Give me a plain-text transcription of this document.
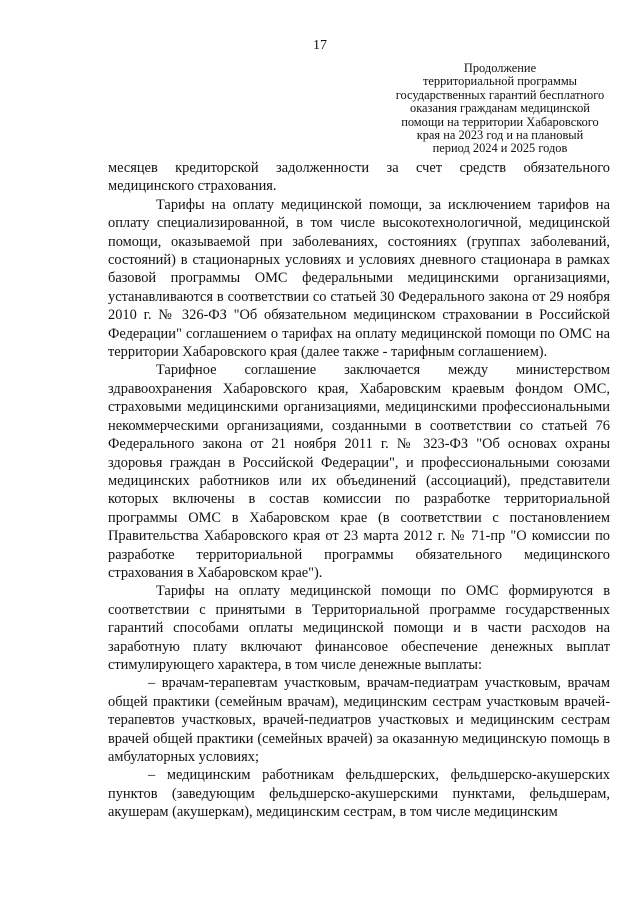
17
Продолжение
территориальной программы
государственных гарантий бесплатного
оказания гражданам медицинской
помощи на территории Хабаровского
края на 2023 год и на плановый
период 2024 и 2025 годов

месяцев кредиторской задолженности за счет средств обязательного медицинского страхования.

Тарифы на оплату медицинской помощи, за исключением тарифов на оплату специализированной, в том числе высокотехнологичной, медицинской помощи, оказываемой при заболеваниях, состояниях (группах заболеваний, состояний) в стационарных условиях и условиях дневного стационара в рамках базовой программы ОМС федеральными медицинскими организациями, устанавливаются в соответствии со статьей 30 Федерального закона от 29 ноября 2010 г. № 326-ФЗ "Об обязательном медицинском страховании в Российской Федерации" соглашением о тарифах на оплату медицинской помощи по ОМС на территории Хабаровского края (далее также - тарифным соглашением).

Тарифное соглашение заключается между министерством здравоохранения Хабаровского края, Хабаровским краевым фондом ОМС, страховыми медицинскими организациями, медицинскими профессиональными некоммерческими организациями, созданными в соответствии со статьей 76 Федерального закона от 21 ноября 2011 г. № 323-ФЗ "Об основах охраны здоровья граждан в Российской Федерации", и профессиональными союзами медицинских работников или их объединений (ассоциаций), представители которых включены в состав комиссии по разработке территориальной программы ОМС в Хабаровском крае (в соответствии с постановлением Правительства Хабаровского края от 23 марта 2012 г. № 71-пр "О комиссии по разработке территориальной программы обязательного медицинского страхования в Хабаровском крае").

Тарифы на оплату медицинской помощи по ОМС формируются в соответствии с принятыми в Территориальной программе государственных гарантий способами оплаты медицинской помощи и в части расходов на заработную плату включают финансовое обеспечение денежных выплат стимулирующего характера, в том числе денежные выплаты:

– врачам-терапевтам участковым, врачам-педиатрам участковым, врачам общей практики (семейным врачам), медицинским сестрам участковым врачей-терапевтов участковых, врачей-педиатров участковых и медицинским сестрам врачей общей практики (семейных врачей) за оказанную медицинскую помощь в амбулаторных условиях;

– медицинским работникам фельдшерских, фельдшерско-акушерских пунктов (заведующим фельдшерско-акушерскими пунктами, фельдшерам, акушерам (акушеркам), медицинским сестрам, в том числе медицинским
